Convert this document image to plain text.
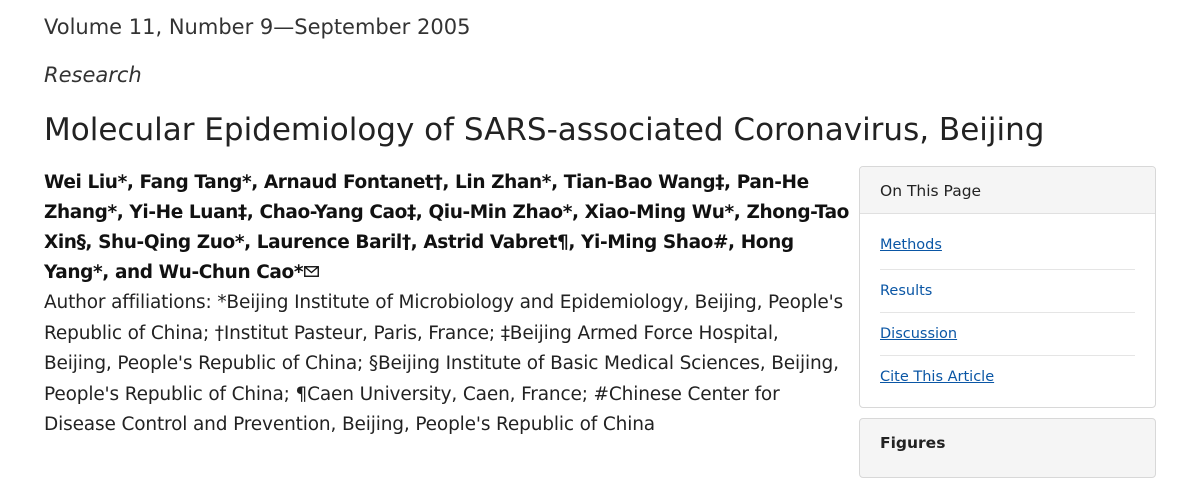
Volume 11, Number 9—September 2005
Research
Molecular Epidemiology of SARS-associated Coronavirus, Beijing
Wei Liu*, Fang Tang*, Arnaud Fontanet†, Lin Zhan*, Tian-Bao Wang‡, Pan-He Zhang*, Yi-He Luan‡, Chao-Yang Cao‡, Qiu-Min Zhao*, Xiao-Ming Wu*, Zhong-Tao Xin§, Shu-Qing Zuo*, Laurence Baril†, Astrid Vabret¶, Yi-Ming Shao#, Hong Yang*, and Wu-Chun Cao*
Author affiliations: *Beijing Institute of Microbiology and Epidemiology, Beijing, People's Republic of China; †Institut Pasteur, Paris, France; ‡Beijing Armed Force Hospital, Beijing, People's Republic of China; §Beijing Institute of Basic Medical Sciences, Beijing, People's Republic of China; ¶Caen University, Caen, France; #Chinese Center for Disease Control and Prevention, Beijing, People's Republic of China
On This Page
Methods
Results
Discussion
Cite This Article
Figures
